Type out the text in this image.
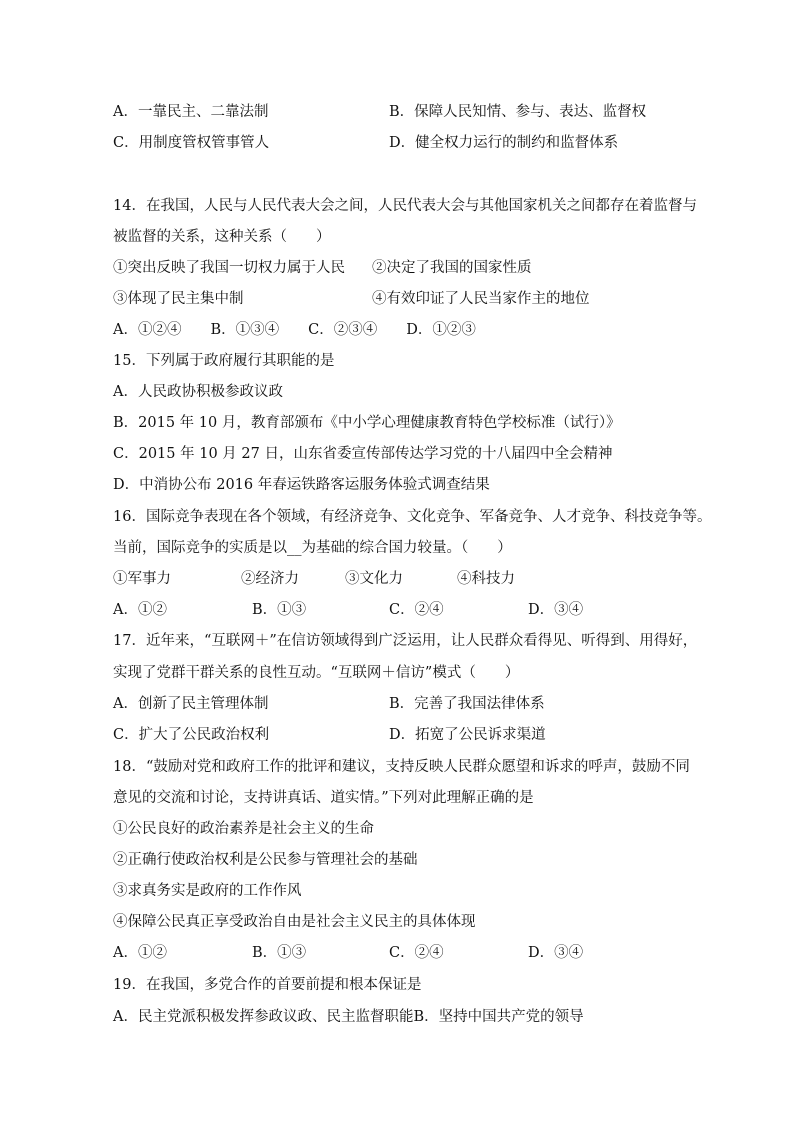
A．一靠民主、二靠法制	B．保障人民知情、参与、表达、监督权
C．用制度管权管事管人	D．健全权力运行的制约和监督体系
14．在我国，人民与人民代表大会之间，人民代表大会与其他国家机关之间都存在着监督与
被监督的关系，这种关系（　　）
①突出反映了我国一切权力属于人民 ②决定了我国的国家性质
③体现了民主集中制	④有效印证了人民当家作主的地位
A．①②④　　B．①③④　　C．②③④　　D．①②③
15．下列属于政府履行其职能的是
A．人民政协积极参政议政
B．2015 年 10 月，教育部颁布《中小学心理健康教育特色学校标准（试行）》
C．2015 年 10 月 27 日，山东省委宣传部传达学习党的十八届四中全会精神
D．中消协公布 2016 年春运铁路客运服务体验式调查结果
16．国际竞争表现在各个领域，有经济竞争、文化竞争、军备竞争、人才竞争、科技竞争等。
当前，国际竞争的实质是以__为基础的综合国力较量。（　　）
①军事力	②经济力	③文化力	④科技力
A．①②	B．①③	C．②④	D．③④
17．近年来，“互联网＋”在信访领域得到广泛运用，让人民群众看得见、听得到、用得好，
实现了党群干群关系的良性互动。“互联网＋信访”模式（　　）
A．创新了民主管理体制	B．完善了我国法律体系
C．扩大了公民政治权利	D．拓宽了公民诉求渠道
18．“鼓励对党和政府工作的批评和建议，支持反映人民群众愿望和诉求的呼声，鼓励不同
意见的交流和讨论，支持讲真话、道实情。”下列对此理解正确的是
①公民良好的政治素养是社会主义的生命
②正确行使政治权利是公民参与管理社会的基础
③求真务实是政府的工作作风
④保障公民真正享受政治自由是社会主义民主的具体体现
A．①②	B．①③	C．②④	D．③④
19．在我国，多党合作的首要前提和根本保证是
A．民主党派积极发挥参政议政、民主监督职能B．坚持中国共产党的领导
